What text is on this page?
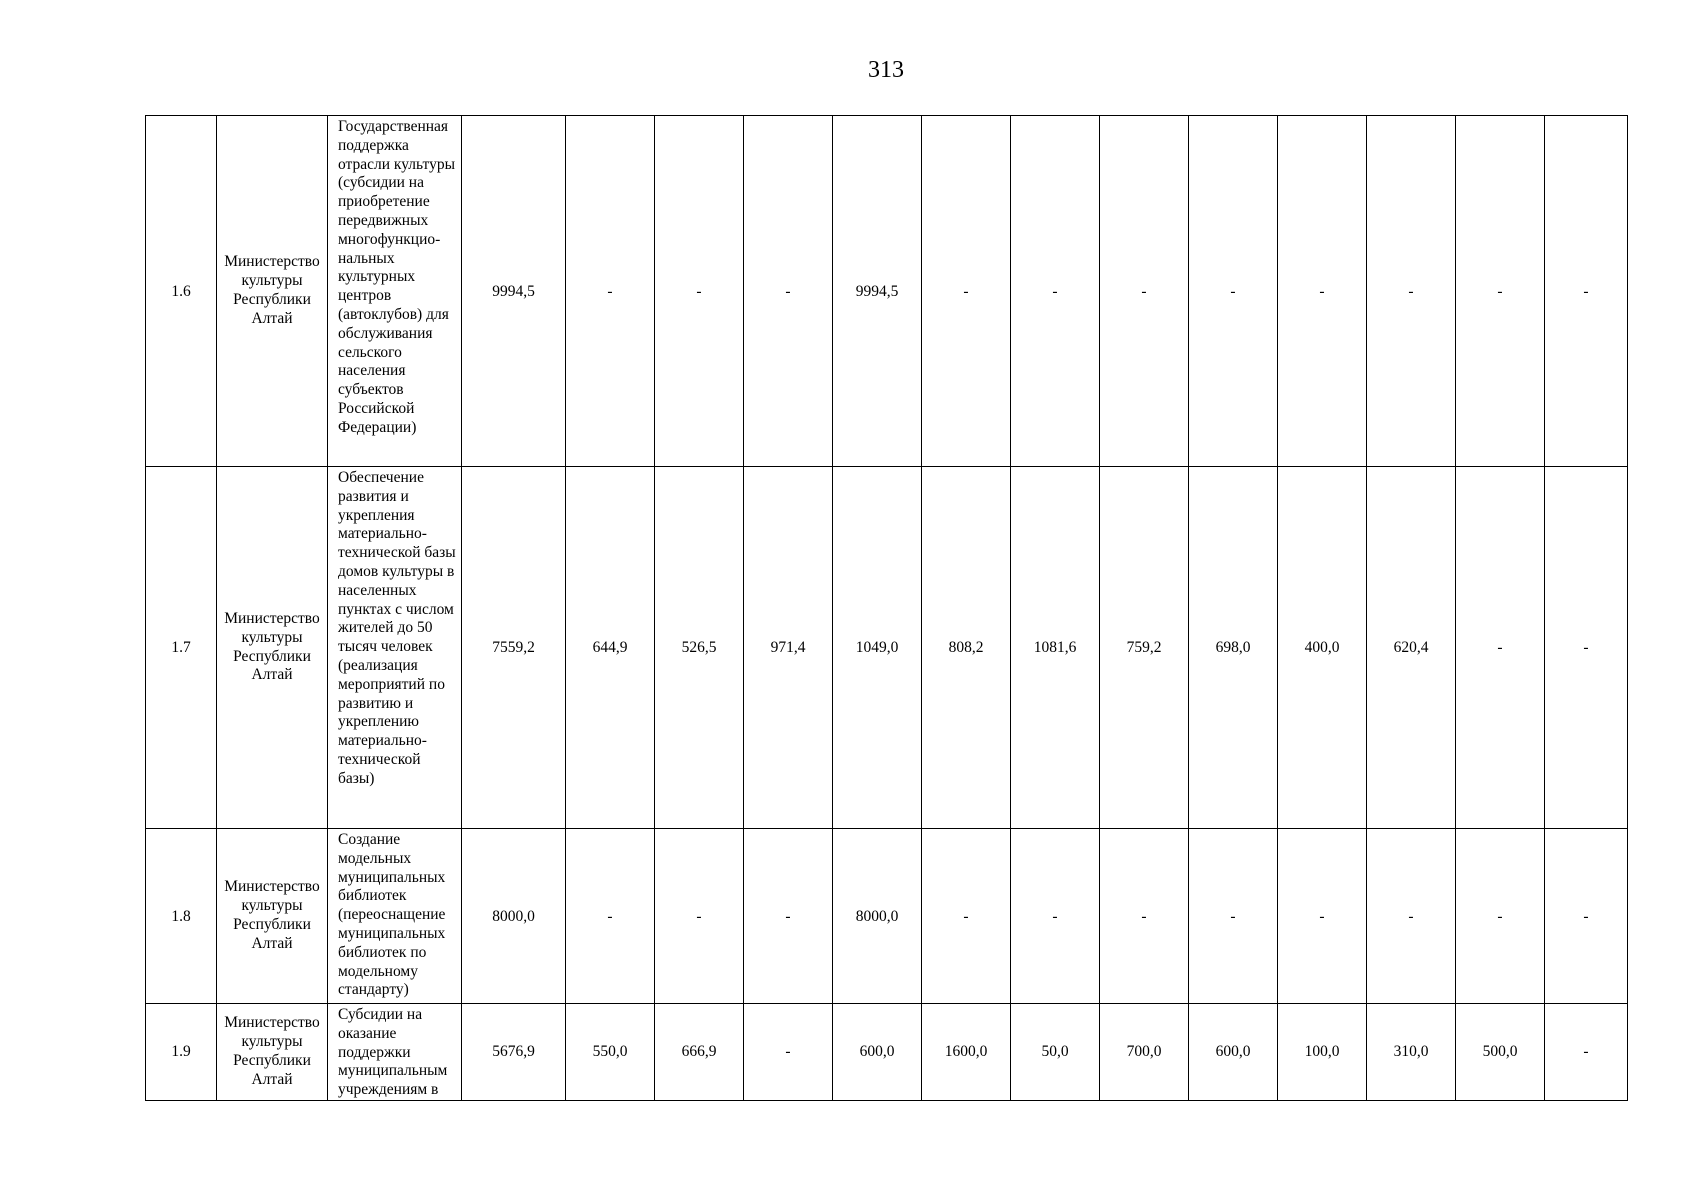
313
1.6	Министерство культуры Республики Алтай	Государственная поддержка отрасли культуры (субсидии на приобретение передвижных многофункцио-нальных культурных центров (автоклубов) для обслуживания сельского населения субъектов Российской Федерации)	9994,5	-	-	-	9994,5	-	-	-	-	-	-	-	-
1.7	Министерство культуры Республики Алтай	Обеспечение развития и укрепления материально-технической базы домов культуры в населенных пунктах с числом жителей до 50 тысяч человек (реализация мероприятий по развитию и укреплению материально-технической базы)	7559,2	644,9	526,5	971,4	1049,0	808,2	1081,6	759,2	698,0	400,0	620,4	-	-
1.8	Министерство культуры Республики Алтай	Создание модельных муниципальных библиотек (переоснащение муниципальных библиотек по модельному стандарту)	8000,0	-	-	-	8000,0	-	-	-	-	-	-	-	-
1.9	Министерство культуры Республики Алтай	Субсидии на оказание поддержки муниципальным учреждениям в	5676,9	550,0	666,9	-	600,0	1600,0	50,0	700,0	600,0	100,0	310,0	500,0	-
